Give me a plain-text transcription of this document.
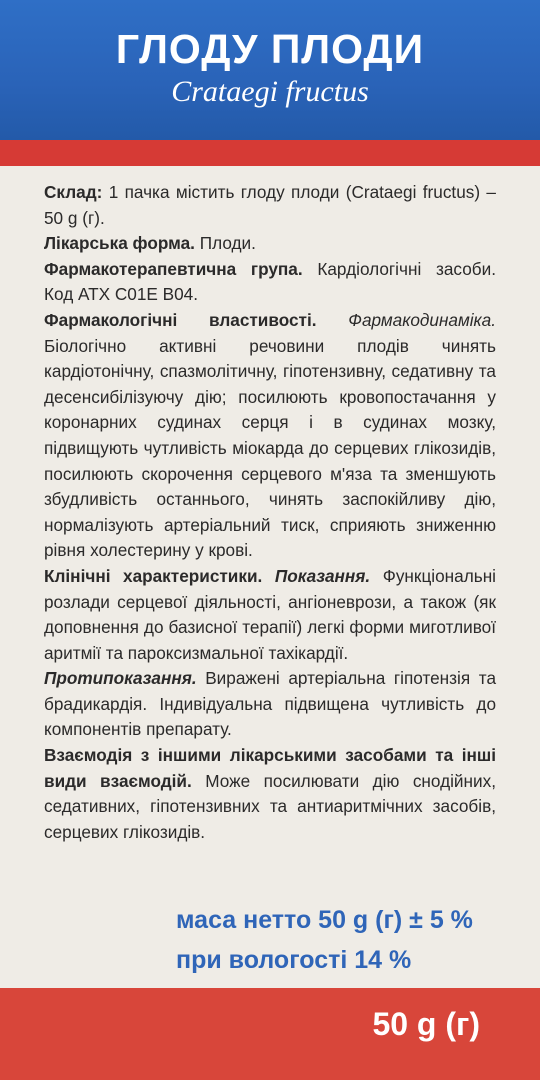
ГЛОДУ ПЛОДИ
Crataegi fructus

Склад: 1 пачка містить глоду плоди (Crataegi fructus) – 50 g (г).

Лікарська форма. Плоди.

Фармакотерапевтична група. Кардіологічні засоби. Код АТХ С01Е В04.

Фармакологічні властивості. Фармакодинаміка. Біологічно активні речовини плодів чинять кардіотонічну, спазмолітичну, гіпотензивну, седативну та десенсибілізуючу дію; посилюють кровопостачання у коронарних судинах серця і в судинах мозку, підвищують чутливість міокарда до серцевих глікозидів, посилюють скорочення серцевого м'яза та зменшують збудливість останнього, чинять заспокійливу дію, нормалізують артеріальний тиск, сприяють зниженню рівня холестерину у крові.

Клінічні характеристики. Показання. Функціональні розлади серцевої діяльності, ангіоневрози, а також (як доповнення до базисної терапії) легкі форми миготливої аритмії та пароксизмальної тахікардії.

Протипоказання. Виражені артеріальна гіпотензія та брадикардія. Індивідуальна підвищена чутливість до компонентів препарату.

Взаємодія з іншими лікарськими засобами та інші види взаємодій. Може посилювати дію снодійних, седативних, гіпотензивних та антиаритмічних засобів, серцевих глікозидів.

маса нетто 50 g (г) ± 5 %
при вологості 14 %
50 g (г)
